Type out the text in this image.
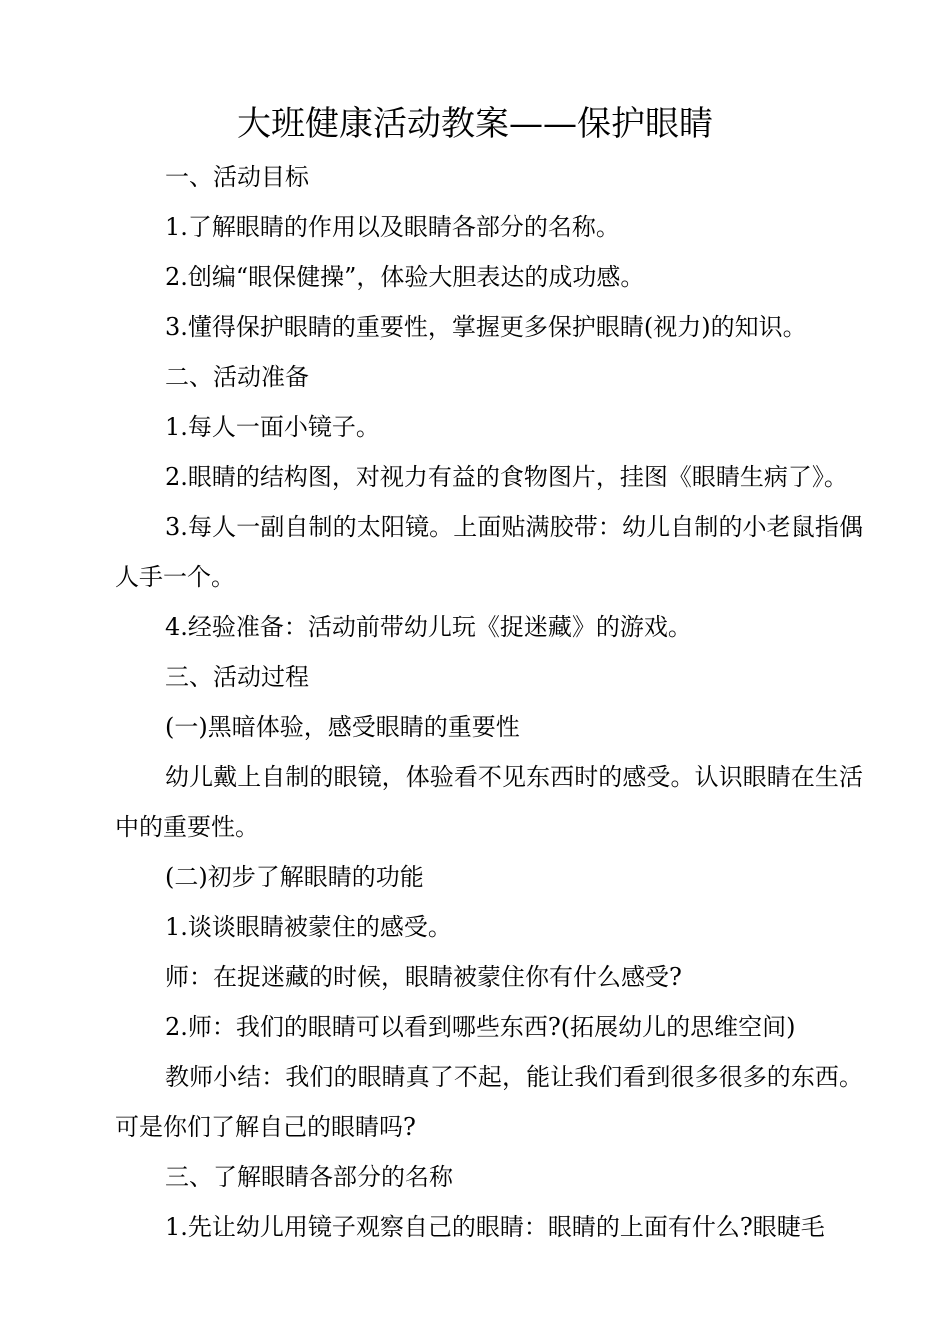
大班健康活动教案——保护眼睛

一、活动目标

1.了解眼睛的作用以及眼睛各部分的名称。

2.创编“眼保健操”，体验大胆表达的成功感。

3.懂得保护眼睛的重要性，掌握更多保护眼睛(视力)的知识。

二、活动准备

1.每人一面小镜子。

2.眼睛的结构图，对视力有益的食物图片，挂图《眼睛生病了》。

3.每人一副自制的太阳镜。上面贴满胶带：幼儿自制的小老鼠指偶人手一个。

4.经验准备：活动前带幼儿玩《捉迷藏》的游戏。

三、活动过程

(一)黑暗体验，感受眼睛的重要性

幼儿戴上自制的眼镜，体验看不见东西时的感受。认识眼睛在生活中的重要性。

(二)初步了解眼睛的功能

1.谈谈眼睛被蒙住的感受。

师：在捉迷藏的时候，眼睛被蒙住你有什么感受?

2.师：我们的眼睛可以看到哪些东西?(拓展幼儿的思维空间)

教师小结：我们的眼睛真了不起，能让我们看到很多很多的东西。可是你们了解自己的眼睛吗?

三、了解眼睛各部分的名称

1.先让幼儿用镜子观察自己的眼睛：眼睛的上面有什么?眼睫毛
